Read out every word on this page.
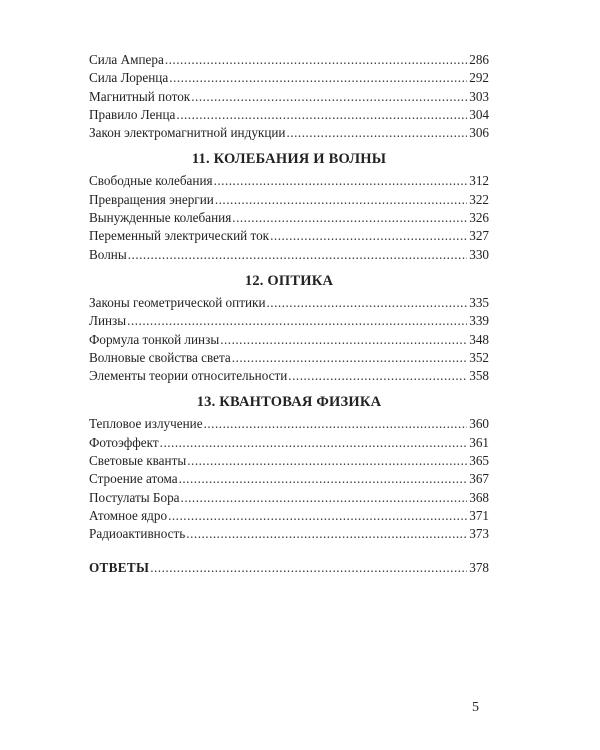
Сила Ампера .....	286
Сила Лоренца .....	292
Магнитный поток .....	303
Правило Ленца .....	304
Закон электромагнитной индукции .....	306
11. КОЛЕБАНИЯ И ВОЛНЫ
Свободные колебания .....	312
Превращения энергии .....	322
Вынужденные колебания .....	326
Переменный электрический ток .....	327
Волны .....	330
12. ОПТИКА
Законы геометрической оптики .....	335
Линзы .....	339
Формула тонкой линзы .....	348
Волновые свойства света .....	352
Элементы теории относительности .....	358
13. КВАНТОВАЯ ФИЗИКА
Тепловое излучение .....	360
Фотоэффект .....	361
Световые кванты .....	365
Строение атома .....	367
Постулаты Бора .....	368
Атомное ядро .....	371
Радиоактивность .....	373
ОТВЕТЫ .....	378
5
